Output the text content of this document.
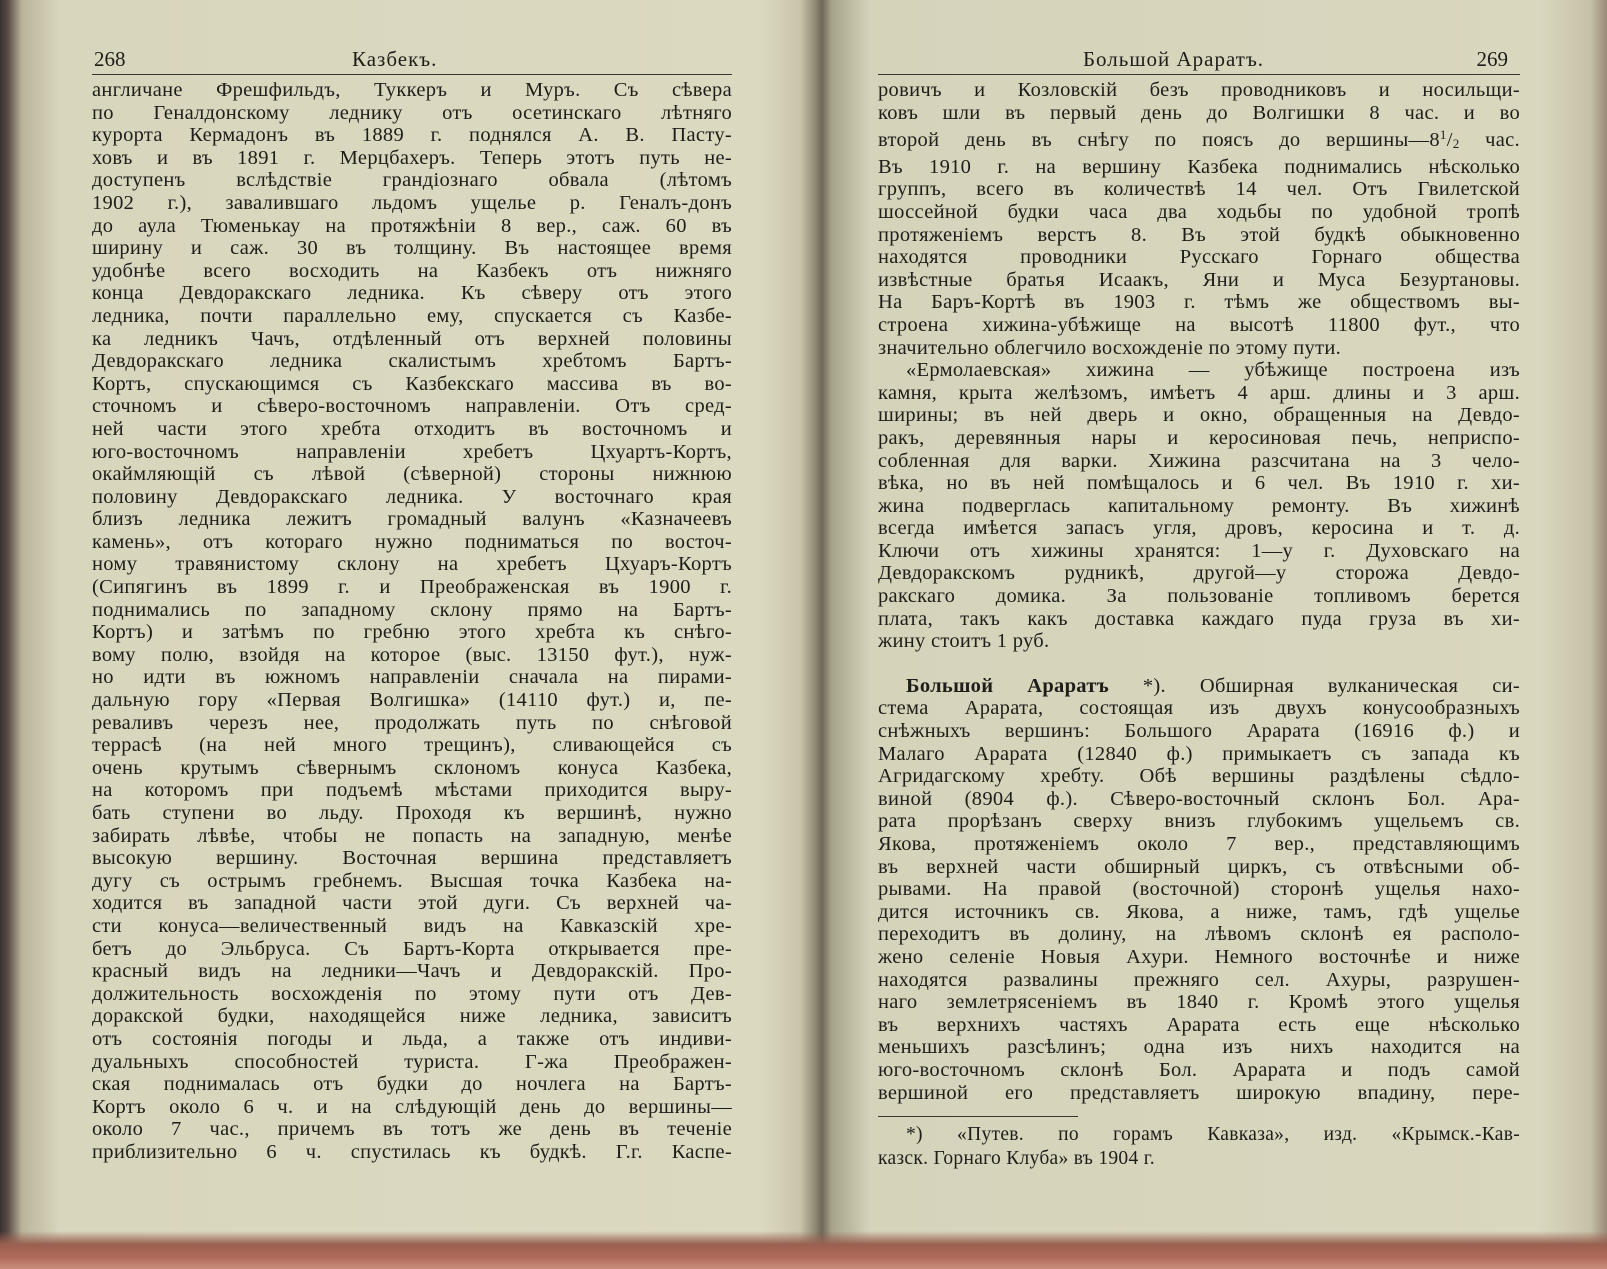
268	Казбекъ.
англичане Фрешфильдъ, Туккеръ и Муръ. Съ сѣвера
по Генaлдонскому леднику отъ осетинскаго лѣтняго
курорта Кермадонъ въ 1889 г. поднялся А. В. Пасту-
ховъ и въ 1891 г. Мерцбахеръ. Теперь этотъ путь не-
доступенъ вслѣдствіе грандіознаго обвала (лѣтомъ
1902 г.), завалившаго льдомъ ущелье р. Геналъ-донъ
до аула Тюменькау на протяжѣніи 8 вер., саж. 60 въ
ширину и саж. 30 въ толщину. Въ настоящее время
удобнѣе всего восходить на Казбекъ отъ нижняго
конца Девдоракскаго ледника. Къ сѣверу отъ этого
ледника, почти параллельно ему, спускается съ Казбе-
ка ледникъ Чачъ, отдѣленный отъ верхней половины
Девдоракскаго ледника скалистымъ хребтомъ Бартъ-
Кортъ, спускающимся съ Казбекскаго массива въ во-
сточномъ и сѣверо-восточномъ направленіи. Отъ сред-
ней части этого хребта отходитъ въ восточномъ и
юго-восточномъ направленіи хребетъ Цхуартъ-Кортъ,
окаймляющій съ лѣвой (сѣверной) стороны нижнюю
половину Девдоракскаго ледника. У восточнаго края
близъ ледника лежитъ громадный валунъ «Казначеевъ
камень», отъ котораго нужно подниматься по восточ-
ному травянистому склону на хребетъ Цхуаръ-Кортъ
(Сипягинъ въ 1899 г. и Преображенская въ 1900 г.
поднимались по западному склону прямо на Бартъ-
Кортъ) и затѣмъ по гребню этого хребта къ снѣго-
вому полю, взойдя на которое (выс. 13150 фут.), нуж-
но идти въ южномъ направленіи сначала на пирами-
дальную гору «Первая Волгишка» (14110 фут.) и, пе-
реваливъ черезъ нее, продолжать путь по снѣговой
террасѣ (на ней много трещинъ), сливающейся съ
очень крутымъ сѣвернымъ склономъ конуса Казбека,
на которомъ при подъемѣ мѣстами приходится выру-
бать ступени во льду. Проходя къ вершинѣ, нужно
забирать лѣвѣе, чтобы не попасть на западную, менѣе
высокую вершину. Восточная вершина представляетъ
дугу съ острымъ гребнемъ. Высшая точка Казбека на-
ходится въ западной части этой дуги. Съ верхней ча-
сти конуса—величественный видъ на Кавказскій хре-
бетъ до Эльбруса. Съ Бартъ-Корта открывается пре-
красный видъ на ледники—Чачъ и Девдоракскій. Про-
должительность восхожденія по этому пути отъ Дев-
доракской будки, находящейся ниже ледника, зависитъ
отъ состоянія погоды и льда, а также отъ индиви-
дуальныхъ способностей туриста. Г-жа Преображен-
ская поднималась отъ будки до ночлега на Бартъ-
Кортъ около 6 ч. и на слѣдующій день до вершины—
около 7 час., причемъ въ тотъ же день въ теченіе
приблизительно 6 ч. спустилась къ будкѣ. Г.г. Каспе-
Большой Араратъ.	269
ровичъ и Козловскій безъ проводниковъ и носильщи-
ковъ шли въ первый день до Волгишки 8 час. и во
второй день въ снѣгу по поясъ до $вершины—8^1/2$ час.
Въ 1910 г. на вершину Казбека поднимались нѣсколько
группъ, всего въ количествѣ 14 чел. Отъ Гвилетской
шоссейной будки часа два ходьбы по удобной тропѣ
протяженіемъ верстъ 8. Въ этой будкѣ обыкновенно
находятся проводники Русскаго Горнаго общества
извѣстные братья Исаакъ, Яни и Муса Безуртановы.
На Баръ-Кортѣ въ 1903 г. тѣмъ же обществомъ вы-
строена хижина-убѣжище на высотѣ 11800 фут., что
значительно облегчило восхожденіе по этому пути.
«Ермолаевская» хижина — убѣжище построена изъ
камня, крыта желѣзомъ, имѣетъ 4 арш. длины и 3 арш.
ширины; въ ней дверь и окно, обращенныя на Девдо-
ракъ, деревянныя нары и керосиновая печь, неприспо-
собленная для варки. Хижина разсчитана на 3 чело-
вѣка, но въ ней помѣщалось и 6 чел. Въ 1910 г. хи-
жина подверглась капитальному ремонту. Въ хижинѣ
всегда имѣется запасъ угля, дровъ, керосина и т. д.
Ключи отъ хижины хранятся: 1—у г. Духовскаго на
Девдоракскомъ рудникѣ, другой—у сторожа Девдо-
ракскаго домика. За пользованіе топливомъ берется
плата, такъ какъ доставка каждаго пуда груза въ хи-
жину стоитъ 1 руб.
Большой Араратъ *). Обширная вулканическая си-
стема Арарата, состоящая изъ двухъ конусообразныхъ
снѣжныхъ вершинъ: Большого Арарата (16916 ф.) и
Малаго Арарата (12840 ф.) примыкаетъ съ запада къ
Агридагскому хребту. Обѣ вершины раздѣлены сѣдло-
виной (8904 ф.). Сѣверо-восточный склонъ Бол. Ара-
рата прорѣзанъ сверху внизъ глубокимъ ущельемъ св.
Якова, протяженіемъ около 7 вер., представляющимъ
въ верхней части обширный циркъ, съ отвѣсными об-
рывами. На правой (восточной) сторонѣ ущелья нахо-
дится источникъ св. Якова, а ниже, тамъ, гдѣ ущелье
переходитъ въ долину, на лѣвомъ склонѣ ея располо-
жено селеніе Новыя Ахури. Немного восточнѣе и ниже
находятся развалины прежняго сел. Ахуры, разрушен-
наго землетрясеніемъ въ 1840 г. Кромѣ этого ущелья
въ верхнихъ частяхъ Арарата есть еще нѣсколько
меньшихъ разсѣлинъ; одна изъ нихъ находится на
юго-восточномъ склонѣ Бол. Арарата и подъ самой
вершиной его представляетъ широкую впадину, пере-
*) «Путев. по горамъ Кавказа», изд. «Крымск.-Кав-
казск. Горнаго Клуба» въ 1904 г.
